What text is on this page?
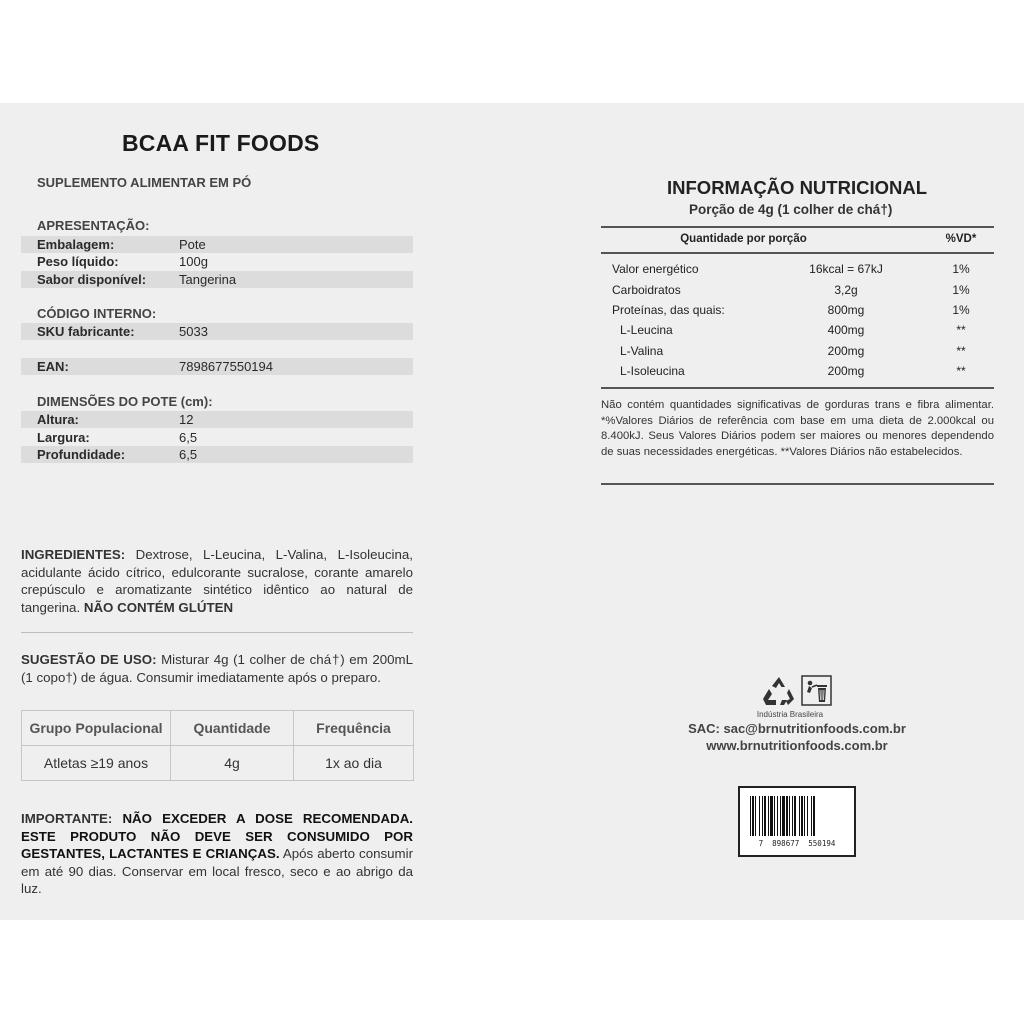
BCAA FIT FOODS
SUPLEMENTO ALIMENTAR EM PÓ
APRESENTAÇÃO:
Embalagem:	Pote
Peso líquido:	100g
Sabor disponível:	Tangerina
CÓDIGO INTERNO:
SKU fabricante:	5033
EAN:	7898677550194
DIMENSÕES DO POTE (cm):
Altura:	12
Largura:	6,5
Profundidade:	6,5
INGREDIENTES: Dextrose, L-Leucina, L-Valina, L-Isoleucina, acidulante ácido cítrico, edulcorante sucralose, corante amarelo crepúsculo e aromatizante sintético idêntico ao natural de tangerina. NÃO CONTÉM GLÚTEN
SUGESTÃO DE USO: Misturar 4g (1 colher de chá†) em 200mL (1 copo†) de água. Consumir imediatamente após o preparo.
Grupo Populacional	Quantidade	Frequência
Atletas ≥19 anos	4g	1x ao dia
IMPORTANTE: NÃO EXCEDER A DOSE RECOMENDADA. ESTE PRODUTO NÃO DEVE SER CONSUMIDO POR GESTANTES, LACTANTES E CRIANÇAS. Após aberto consumir em até 90 dias. Conservar em local fresco, seco e ao abrigo da luz.
INFORMAÇÃO NUTRICIONAL
Porção de 4g (1 colher de chá†)
Quantidade por porção	%VD*
Valor energético	16kcal = 67kJ	1%
Carboidratos	3,2g	1%
Proteínas, das quais:	800mg	1%
L-Leucina	400mg	**
L-Valina	200mg	**
L-Isoleucina	200mg	**
Não contém quantidades significativas de gorduras trans e fibra alimentar. *%Valores Diários de referência com base em uma dieta de 2.000kcal ou 8.400kJ. Seus Valores Diários podem ser maiores ou menores dependendo de suas necessidades energéticas. **Valores Diários não estabelecidos.
Indústria Brasileira
SAC: sac@brnutritionfoods.com.br
www.brnutritionfoods.com.br
7  898677  550194
